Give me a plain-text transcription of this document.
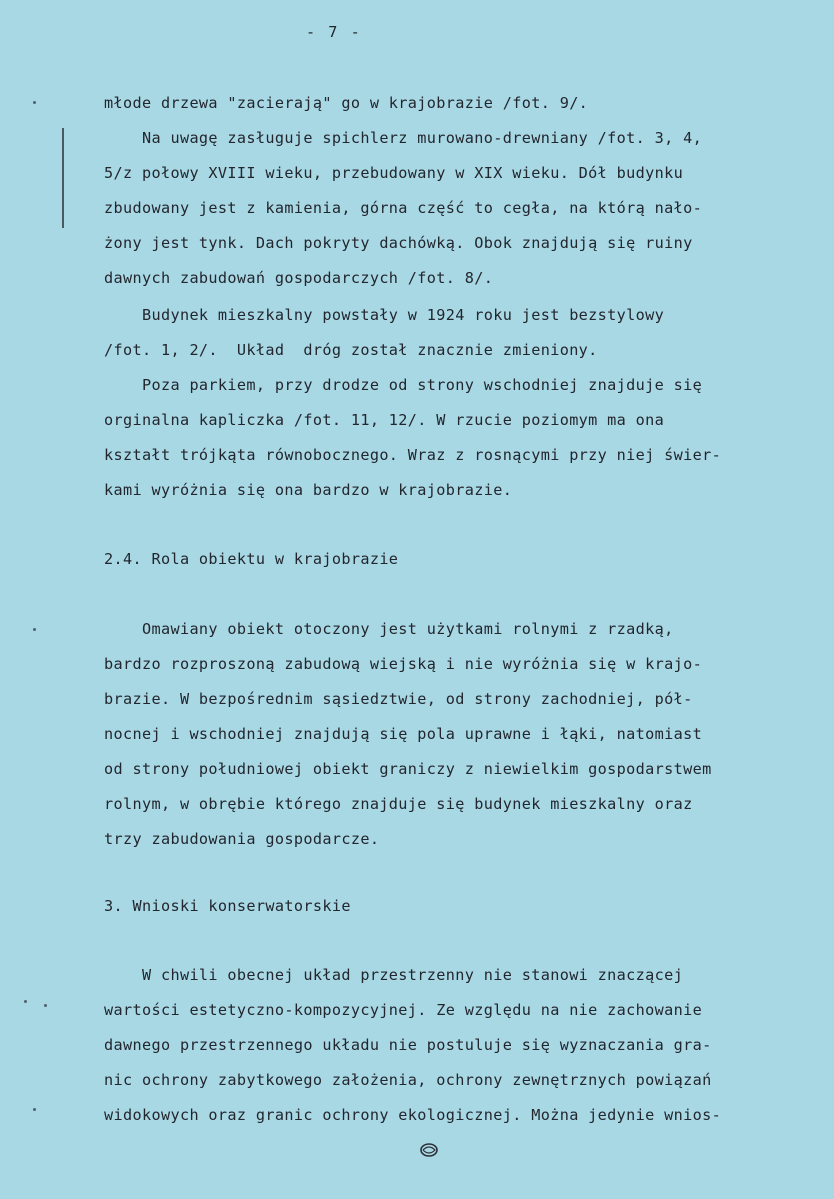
- 7 -
młode drzewa "zacierają" go w krajobrazie /fot. 9/.
Na uwagę zasługuje spichlerz murowano-drewniany /fot. 3, 4,
5/z połowy XVIII wieku, przebudowany w XIX wieku. Dół budynku
zbudowany jest z kamienia, górna część to cegła, na którą nało-
żony jest tynk. Dach pokryty dachówką. Obok znajdują się ruiny
dawnych zabudowań gospodarczych /fot. 8/.
Budynek mieszkalny powstały w 1924 roku jest bezstylowy
/fot. 1, 2/.  Układ  dróg został znacznie zmieniony.
Poza parkiem, przy drodze od strony wschodniej znajduje się
orginalna kapliczka /fot. 11, 12/. W rzucie poziomym ma ona
kształt trójkąta równobocznego. Wraz z rosnącymi przy niej świer-
kami wyróżnia się ona bardzo w krajobrazie.
2.4. Rola obiektu w krajobrazie
Omawiany obiekt otoczony jest użytkami rolnymi z rzadką,
bardzo rozproszoną zabudową wiejską i nie wyróżnia się w krajo-
brazie. W bezpośrednim sąsiedztwie, od strony zachodniej, pół-
nocnej i wschodniej znajdują się pola uprawne i łąki, natomiast
od strony południowej obiekt graniczy z niewielkim gospodarstwem
rolnym, w obrębie którego znajduje się budynek mieszkalny oraz
trzy zabudowania gospodarcze.
3. Wnioski konserwatorskie
W chwili obecnej układ przestrzenny nie stanowi znaczącej
wartości estetyczno-kompozycyjnej. Ze względu na nie zachowanie
dawnego przestrzennego układu nie postuluje się wyznaczania gra-
nic ochrony zabytkowego założenia, ochrony zewnętrznych powiązań
widokowych oraz granic ochrony ekologicznej. Można jedynie wnios-
